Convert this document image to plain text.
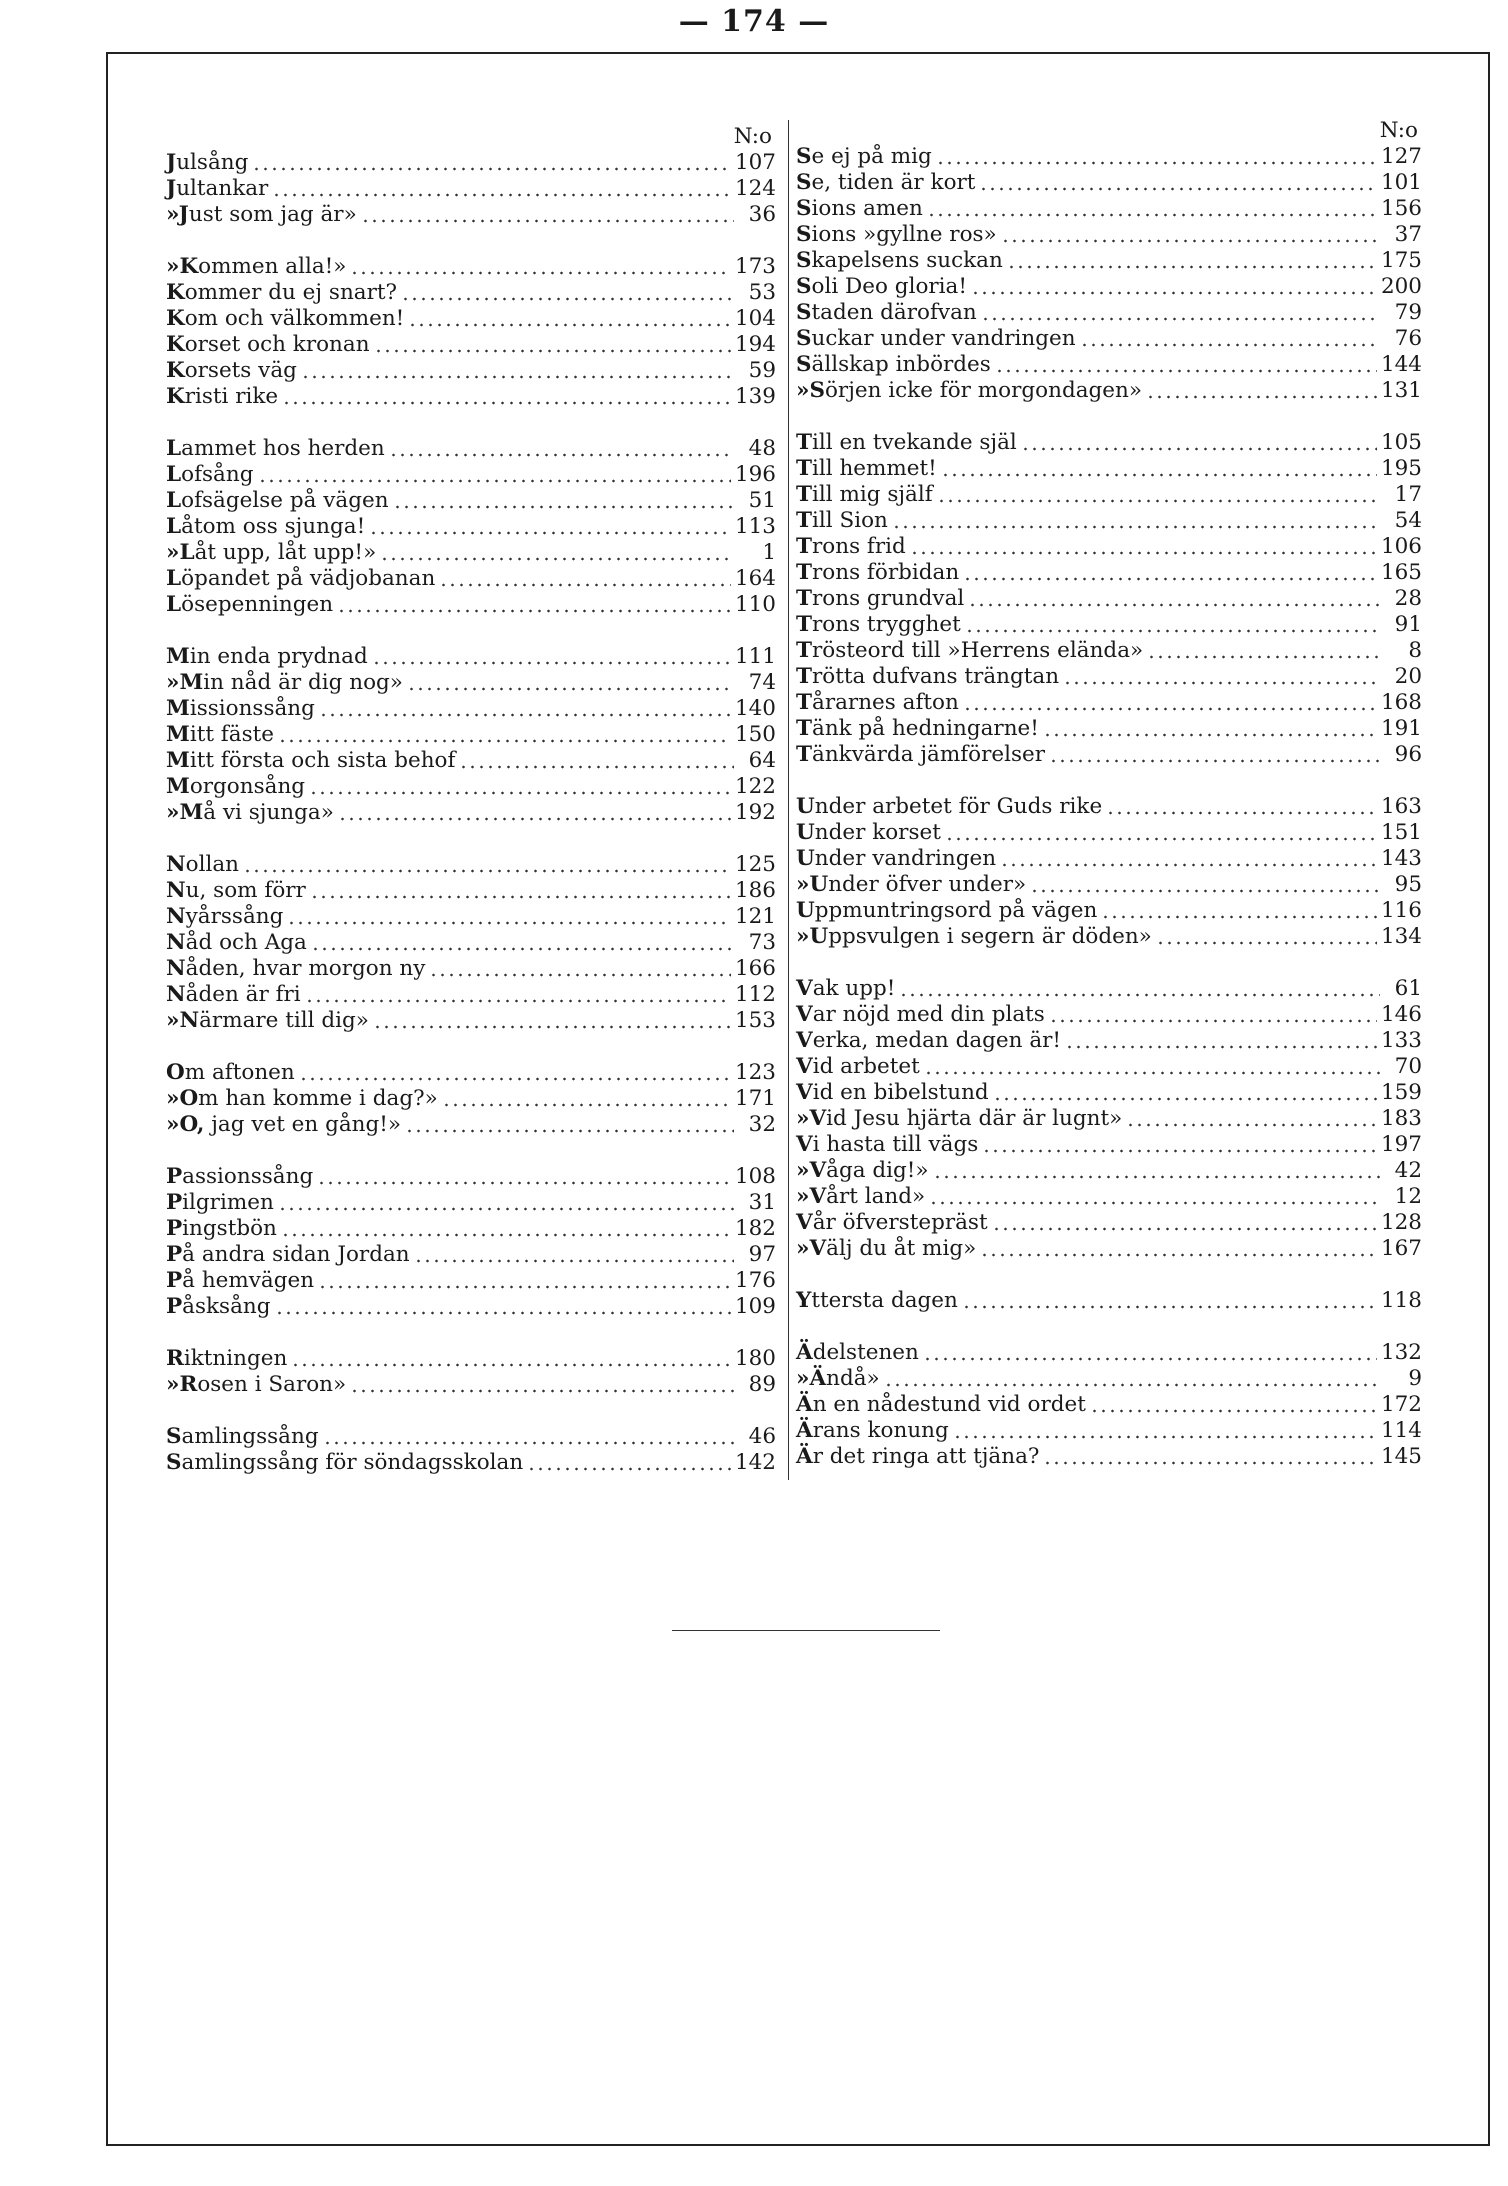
— 174 —
N:o
Julsång	107
Jultankar	124
»Just som jag är»	36
»Kommen alla!»	173
Kommer du ej snart?	53
Kom och välkommen!	104
Korset och kronan	194
Korsets väg	59
Kristi rike	139
Lammet hos herden	48
Lofsång	196
Lofsägelse på vägen	51
Låtom oss sjunga!	113
»Låt upp, låt upp!»	1
Löpandet på vädjobanan	164
Lösepenningen	110
Min enda prydnad	111
»Min nåd är dig nog»	74
Missionssång	140
Mitt fäste	150
Mitt första och sista behof	64
Morgonsång	122
»Må vi sjunga»	192
Nollan	125
Nu, som förr	186
Nyårssång	121
Nåd och Aga	73
Nåden, hvar morgon ny	166
Nåden är fri	112
»Närmare till dig»	153
Om aftonen	123
»Om han komme i dag?»	171
»O, jag vet en gång!»	32
Passionssång	108
Pilgrimen	31
Pingstbön	182
På andra sidan Jordan	97
På hemvägen	176
Påsksång	109
Riktningen	180
»Rosen i Saron»	89
Samlingssång	46
Samlingssång för söndagsskolan	142
N:o
Se ej på mig	127
Se, tiden är kort	101
Sions amen	156
Sions »gyllne ros»	37
Skapelsens suckan	175
Soli Deo gloria!	200
Staden därofvan	79
Suckar under vandringen	76
Sällskap inbördes	144
»Sörjen icke för morgondagen»	131
Till en tvekande själ	105
Till hemmet!	195
Till mig själf	17
Till Sion	54
Trons frid	106
Trons förbidan	165
Trons grundval	28
Trons trygghet	91
Trösteord till »Herrens elända»	8
Trötta dufvans trängtan	20
Tårarnes afton	168
Tänk på hedningarne!	191
Tänkvärda jämförelser	96
Under arbetet för Guds rike	163
Under korset	151
Under vandringen	143
»Under öfver under»	95
Uppmuntringsord på vägen	116
»Uppsvulgen i segern är döden»	134
Vak upp!	61
Var nöjd med din plats	146
Verka, medan dagen är!	133
Vid arbetet	70
Vid en bibelstund	159
»Vid Jesu hjärta där är lugnt»	183
Vi hasta till vägs	197
»Våga dig!»	42
»Vårt land»	12
Vår öfverstepräst	128
»Välj du åt mig»	167
Yttersta dagen	118
Ädelstenen	132
»Ändå»	9
Än en nådestund vid ordet	172
Ärans konung	114
Är det ringa att tjäna?	145
